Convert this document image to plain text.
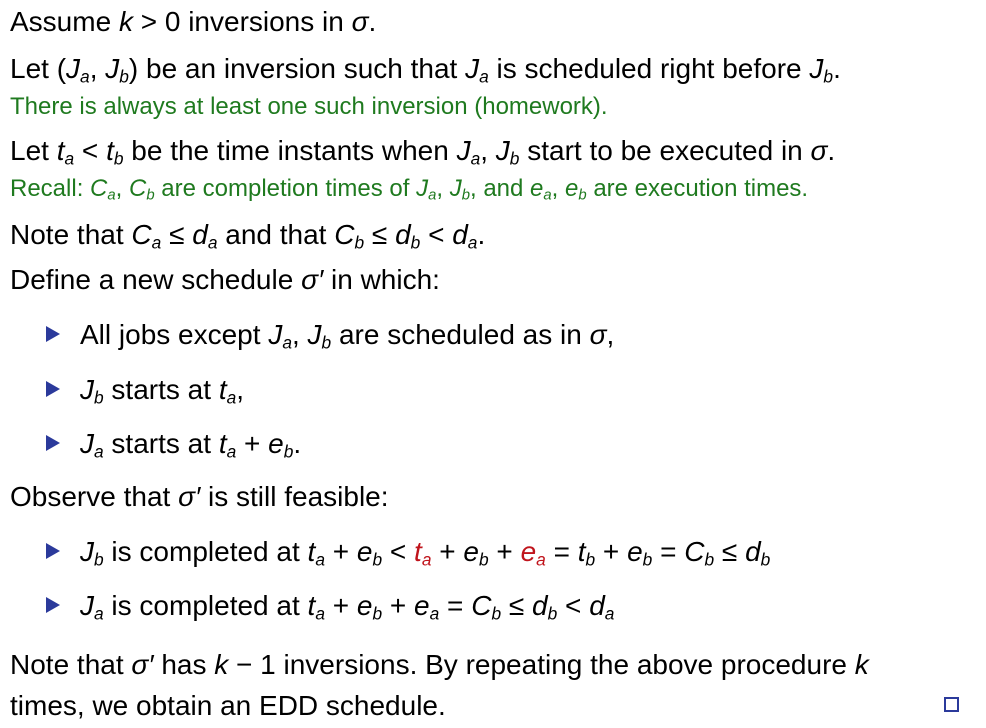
Assume k > 0 inversions in σ.
Let ($J_a$, $J_b$) be an inversion such that $J_a$ is scheduled right before $J_b$.
There is always at least one such inversion (homework).
Let $t_a < t_b$ be the time instants when $J_a$, $J_b$ start to be executed in σ.
Recall: $C_a$, $C_b$ are completion times of $J_a$, $J_b$, and $e_a$, $e_b$ are execution times.
Note that $C_a \le d_a$ and that $C_b \le d_b < d_a$.
Define a new schedule σ′ in which:
All jobs except $J_a$, $J_b$ are scheduled as in σ,
$J_b$ starts at $t_a$,
$J_a$ starts at $t_a + e_b$.
Observe that σ′ is still feasible:
$J_b$ is completed at $t_a + e_b < t_a + e_b + e_a = t_b + e_b = C_b \le d_b$
$J_a$ is completed at $t_a + e_b + e_a = C_b \le d_b < d_a$
Note that σ′ has k − 1 inversions. By repeating the above procedure k
times, we obtain an EDD schedule.
